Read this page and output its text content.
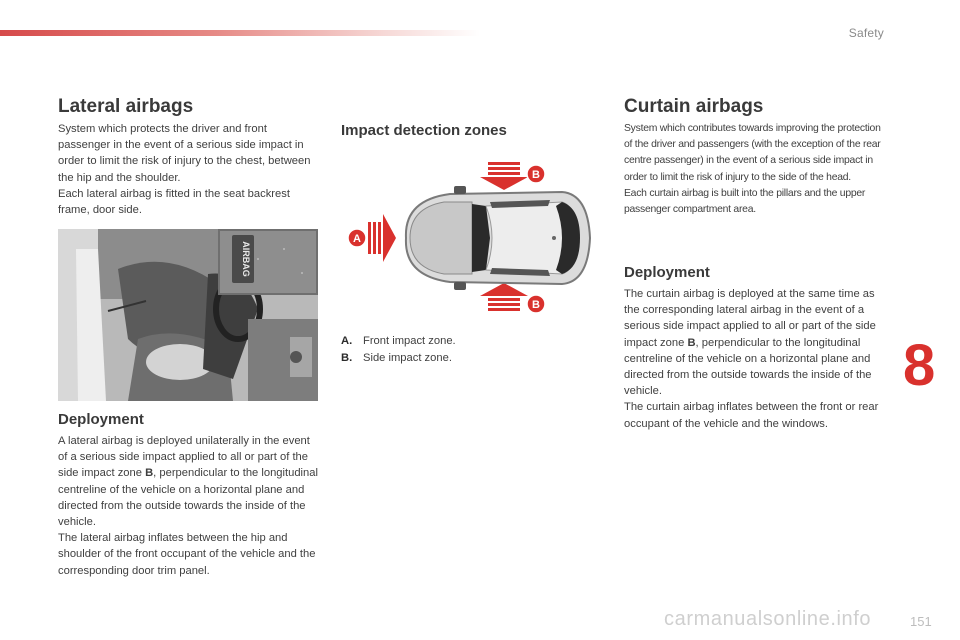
Safety
Lateral airbags

System which protects the driver and front passenger in the event of a serious side impact in order to limit the risk of injury to the chest, between the hip and the shoulder.

Each lateral airbag is fitted in the seat backrest frame, door side.

AIRBAG
Deployment

A lateral airbag is deployed unilaterally in the event of a serious side impact applied to all or part of the side impact zone B, perpendicular to the longitudinal centreline of the vehicle on a horizontal plane and directed from the outside towards the inside of the vehicle.

The lateral airbag inflates between the hip and shoulder of the front occupant of the vehicle and the corresponding door trim panel.

Impact detection zones
B
B
A
A. Front impact zone.
B. Side impact zone.
Curtain airbags

System which contributes towards improving the protection of the driver and passengers (with the exception of the rear centre passenger) in the event of a serious side impact in order to limit the risk of injury to the side of the head.

Each curtain airbag is built into the pillars and the upper passenger compartment area.

Deployment

The curtain airbag is deployed at the same time as the corresponding lateral airbag in the event of a serious side impact applied to all or part of the side impact zone B, perpendicular to the longitudinal centreline of the vehicle on a horizontal plane and directed from the outside towards the inside of the vehicle.

The curtain airbag inflates between the front or rear occupant of the vehicle and the windows.

8
carmanualsonline.info	151
